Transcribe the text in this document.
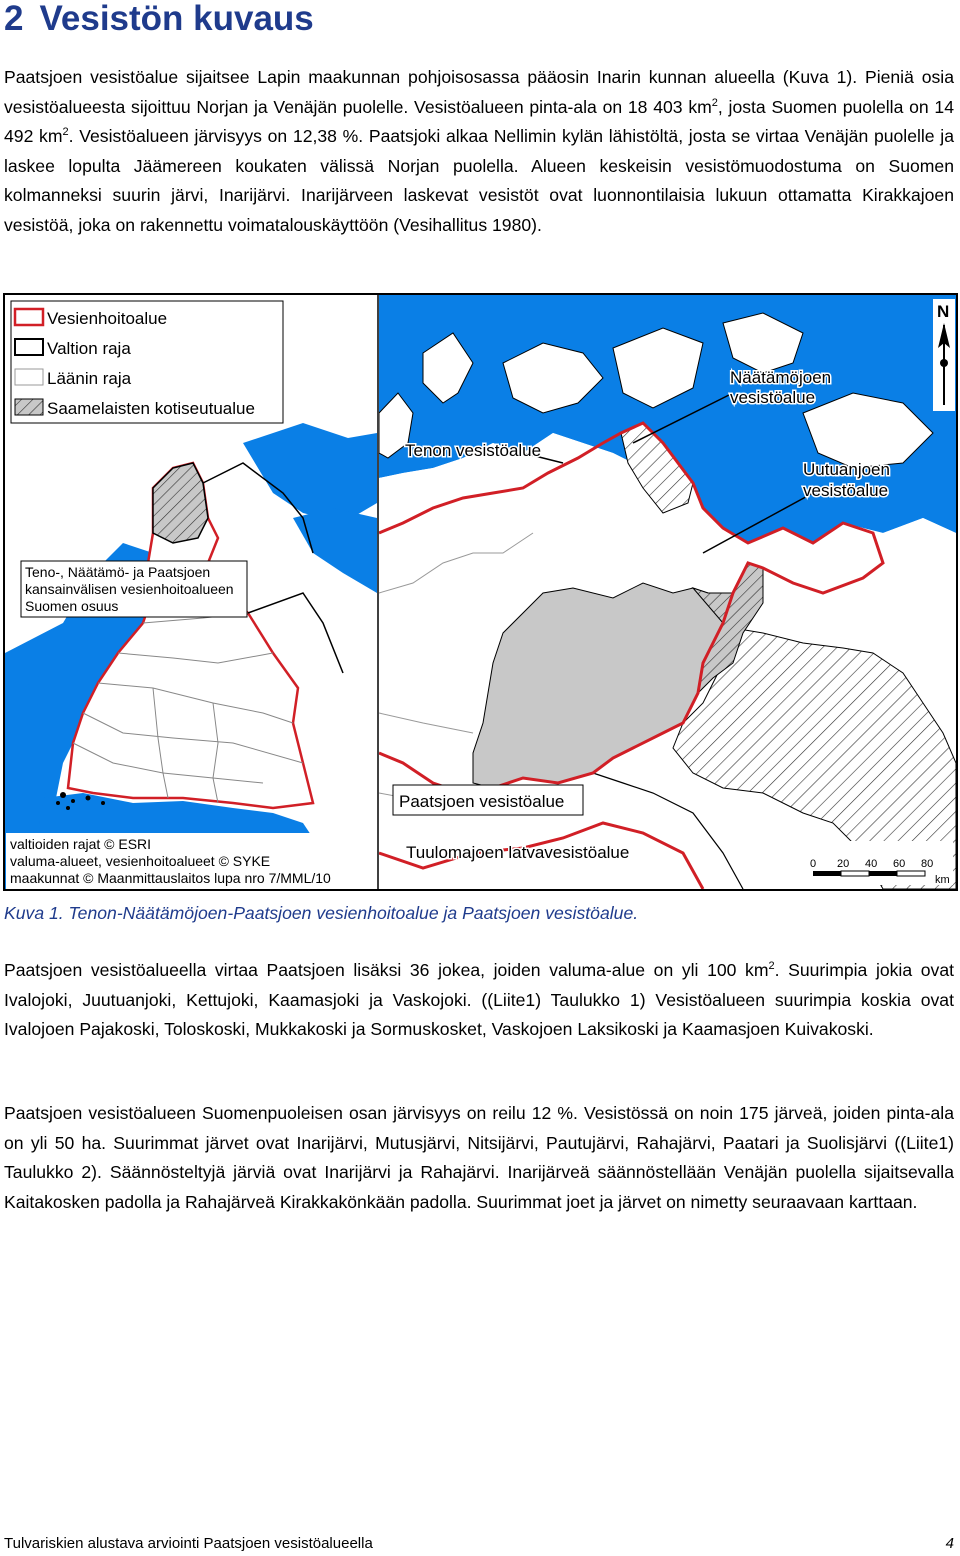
2 Vesistön kuvaus

Paatsjoen vesistöalue sijaitsee Lapin maakunnan pohjoisosassa pääosin Inarin kunnan alueella (Kuva 1). Pieniä osia vesistöalueesta sijoittuu Norjan ja Venäjän puolelle. Vesistöalueen pinta-ala on 18 403 $km^2$, josta Suomen puolella on 14 492 $km^2$. Vesistöalueen järvisyys on 12,38 %. Paatsjoki alkaa Nellimin kylän lähistöltä, josta se virtaa Venäjän puolelle ja laskee lopulta Jäämereen koukaten välissä Norjan puolella. Alueen keskeisin vesistömuodostuma on Suomen kolmanneksi suurin järvi, Inarijärvi. Inarijärveen laskevat vesistöt ovat luonnontilaisia lukuun ottamatta Kirakkajoen vesistöä, joka on rakennettu voimatalouskäyttöön (Vesihallitus 1980).

Vesienhoitoalue
Valtion raja
Läänin raja
Saamelaisten kotiseutualue
Teno-, Näätämö- ja Paatsjoen
kansainvälisen vesienhoitoalueen
Suomen osuus
valtioiden rajat © ESRI
valuma-alueet, vesienhoitoalueet © SYKE
maakunnat © Maanmittauslaitos lupa nro 7/MML/10
Näätämöjoen
vesistöalue
Tenon vesistöalue
Uutuanjoen
vesistöalue
Paatsjoen vesistöalue
Tuulomajoen latvavesistöalue
N
0 20 40 60 80
km

Kuva 1. Tenon-Näätämöjoen-Paatsjoen vesienhoitoalue ja Paatsjoen vesistöalue.

Paatsjoen vesistöalueella virtaa Paatsjoen lisäksi 36 jokea, joiden valuma-alue on yli 100 $km^2$. Suurimpia jokia ovat Ivalojoki, Juutuanjoki, Kettujoki, Kaamasjoki ja Vaskojoki. ((Liite1) Taulukko 1) Vesistöalueen suurimpia koskia ovat Ivalojoen Pajakoski, Toloskoski, Mukkakoski ja Sormuskosket, Vaskojoen Laksikoski ja Kaamasjoen Kuivakoski.

Paatsjoen vesistöalueen Suomenpuoleisen osan järvisyys on reilu 12 %. Vesistössä on noin 175 järveä, joiden pinta-ala on yli 50 ha. Suurimmat järvet ovat Inarijärvi, Mutusjärvi, Nitsijärvi, Pautujärvi, Rahajärvi, Paatari ja Suolisjärvi ((Liite1) Taulukko 2). Säännösteltyjä järviä ovat Inarijärvi ja Rahajärvi. Inarijärveä säännöstellään Venäjän puolella sijaitsevalla Kaitakosken padolla ja Rahajärveä Kirakkakönkään padolla. Suurimmat joet ja järvet on nimetty seuraavaan karttaan.

Tulvariskien alustava arviointi Paatsjoen vesistöalueella	4
